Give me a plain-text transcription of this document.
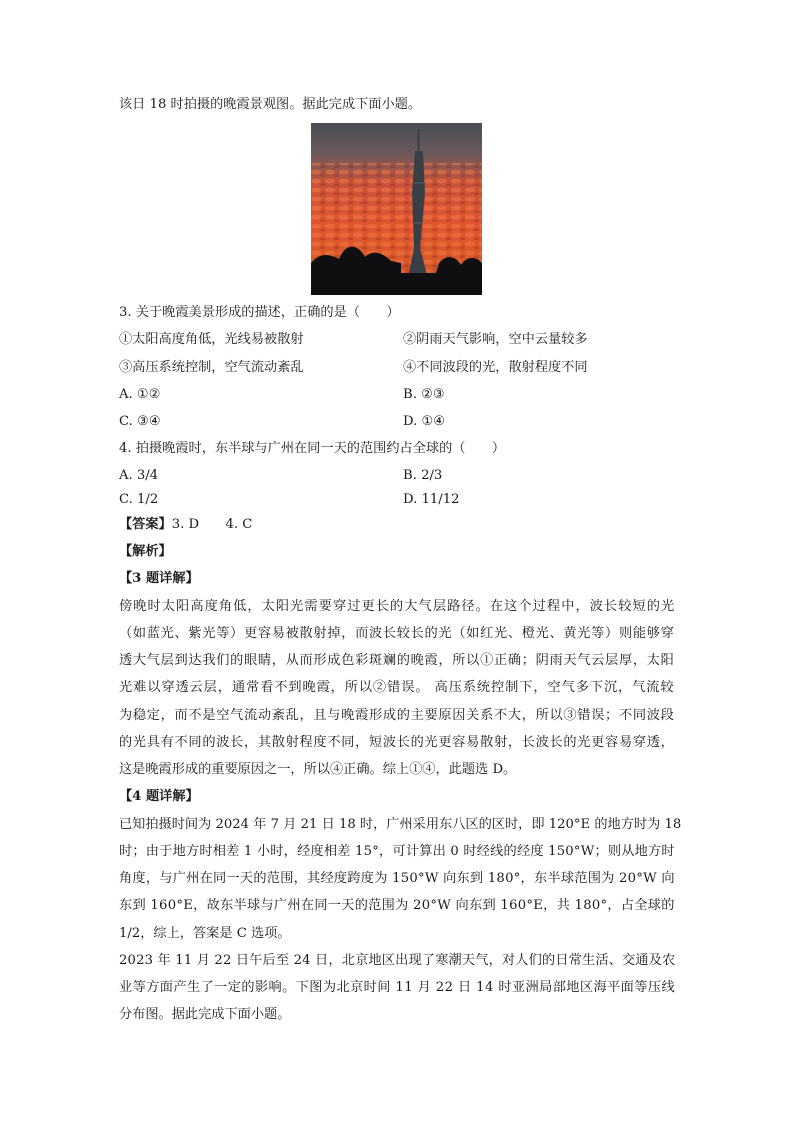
该日 18 时拍摄的晚霞景观图。据此完成下面小题。
3. 关于晚霞美景形成的描述，正确的是（　　）
①太阳高度角低，光线易被散射	②阴雨天气影响，空中云量较多
③高压系统控制，空气流动紊乱	④不同波段的光，散射程度不同
A. ①②	B. ②③
C. ③④	D. ①④
4. 拍摄晚霞时，东半球与广州在同一天的范围约占全球的（　　）
A. 3/4	B. 2/3
C. 1/2	D. 11/12
【答案】3. D　　4. C
【解析】
【3 题详解】
傍晚时太阳高度角低，太阳光需要穿过更长的大气层路径。在这个过程中，波长较短的光
（如蓝光、紫光等）更容易被散射掉，而波长较长的光（如红光、橙光、黄光等）则能够穿
透大气层到达我们的眼睛，从而形成色彩斑斓的晚霞，所以①正确；阴雨天气云层厚，太阳
光难以穿透云层，通常看不到晚霞，所以②错误。 高压系统控制下，空气多下沉，气流较
为稳定，而不是空气流动紊乱，且与晚霞形成的主要原因关系不大，所以③错误；不同波段
的光具有不同的波长，其散射程度不同，短波长的光更容易散射，长波长的光更容易穿透，
这是晚霞形成的重要原因之一，所以④正确。综上①④，此题选 D。
【4 题详解】
已知拍摄时间为 2024 年 7 月 21 日 18 时，广州采用东八区的区时，即 120°E 的地方时为 18
时；由于地方时相差 1 小时，经度相差 15°，可计算出 0 时经线的经度 150°W；则从地方时
角度，与广州在同一天的范围，其经度跨度为 150°W 向东到 180°，东半球范围为 20°W 向
东到 160°E，故东半球与广州在同一天的范围为 20°W 向东到 160°E，共 180°，占全球的
1/2，综上，答案是 C 选项。
2023 年 11 月 22 日午后至 24 日，北京地区出现了寒潮天气，对人们的日常生活、交通及农
业等方面产生了一定的影响。下图为北京时间 11 月 22 日 14 时亚洲局部地区海平面等压线
分布图。据此完成下面小题。
